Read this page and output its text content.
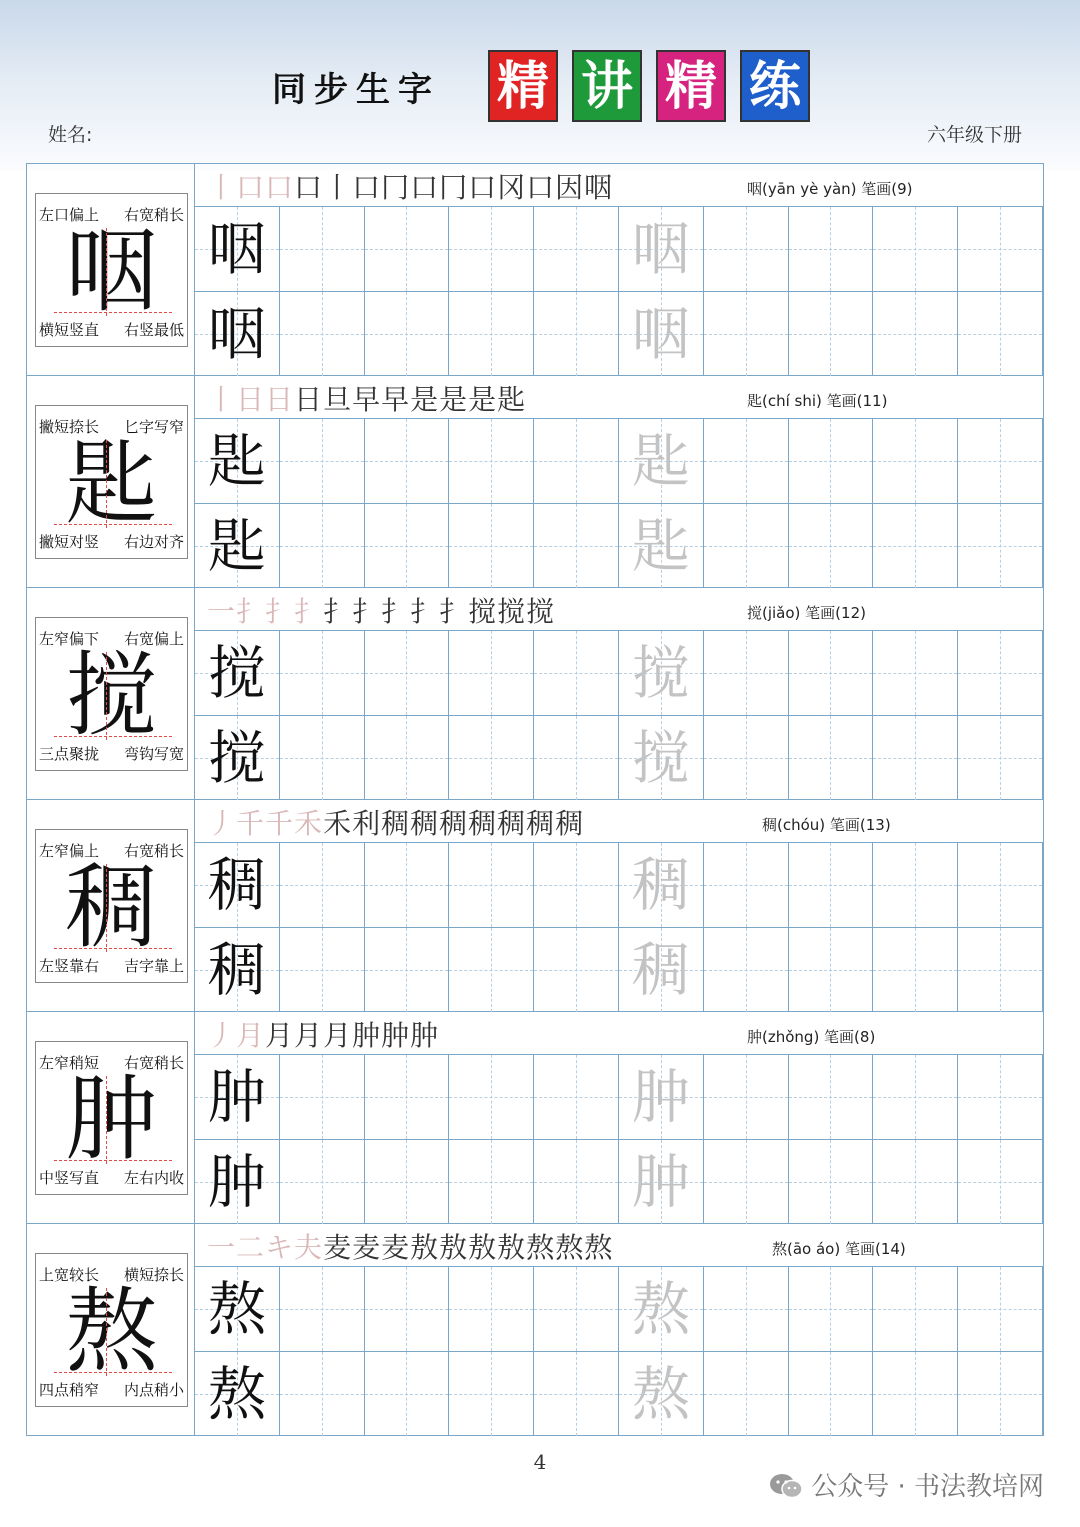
同步生字 精 讲 精 练
姓名:	六年级下册
左口偏上 右宽稍长
横短竖直 右竖最低
咽
丨口口口丨口冂口冂口冈口因咽	咽(yān yè yàn) 笔画(9)
咽	咽
咽	咽
撇短捺长 匕字写窄
撇短对竖 右边对齐
匙
丨日日日旦早早是是是匙	匙(chí shi) 笔画(11)
匙	匙
匙	匙
左窄偏下 右宽偏上
三点聚拢 弯钩写宽
搅
一扌扌扌扌扌扌扌扌搅搅搅	搅(jiǎo) 笔画(12)
搅	搅
搅	搅
左窄偏上 右宽稍长
左竖靠右 吉字靠上
稠
丿千千禾禾利稠稠稠稠稠稠稠	稠(chóu) 笔画(13)
稠	稠
稠	稠
左窄稍短 右宽稍长
中竖写直 左右内收
肿
丿月月月月肿肿肿	肿(zhǒng) 笔画(8)
肿	肿
肿	肿
上宽较长 横短捺长
四点稍窄 内点稍小
熬
一二キ夫麦麦麦敖敖敖敖熬熬熬	熬(āo áo) 笔画(14)
熬	熬
熬	熬
4
公众号 · 书法教培网
